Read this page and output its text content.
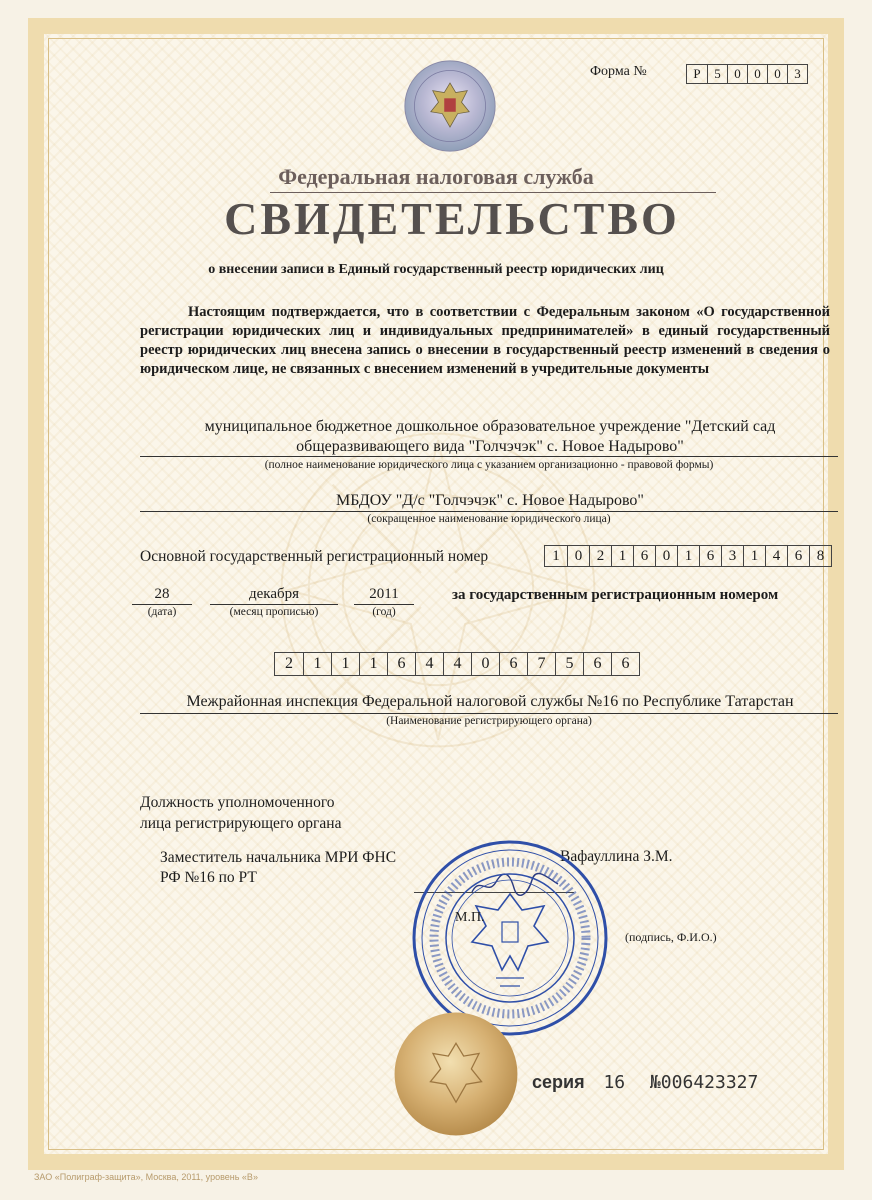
Форма №	Р	5	0	0	0	3
Федеральная налоговая служба
СВИДЕТЕЛЬСТВО
о внесении записи в Единый государственный реестр юридических лиц
Настоящим подтверждается, что в соответствии с Федеральным законом «О государственной регистрации юридических лиц и индивидуальных предпринимателей» в единый государственный реестр юридических лиц внесена запись о внесении в государственный реестр изменений в сведения о юридическом лице, не связанных с внесением изменений в учредительные документы
муниципальное бюджетное дошкольное образовательное учреждение "Детский сад
общеразвивающего вида "Голчэчэк" с. Новое Надырово"
(полное наименование юридического лица с указанием организационно - правовой формы)
МБДОУ "Д/с "Голчэчэк" с. Новое Надырово"
(сокращенное наименование юридического лица)
Основной государственный регистрационный номер	1	0 2 1 6 0 1 6 3 1 4 6 8
28
(дата)
декабря
(месяц прописью)
2011
(год)
за государственным регистрационным номером
2	1	1	1	6	4	4	0	6	7	5	6	6
Межрайонная инспекция Федеральной налоговой службы №16 по Республике Татарстан
(Наименование регистрирующего органа)
Должность уполномоченного
лица регистрирующего органа
Заместитель начальника МРИ ФНС
РФ №16 по РТ
Вафауллина З.М.
М.П.
(подпись, Ф.И.О.)
серия 16 №006423327
ЗАО «Полиграф-защита», Москва, 2011, уровень «В»
